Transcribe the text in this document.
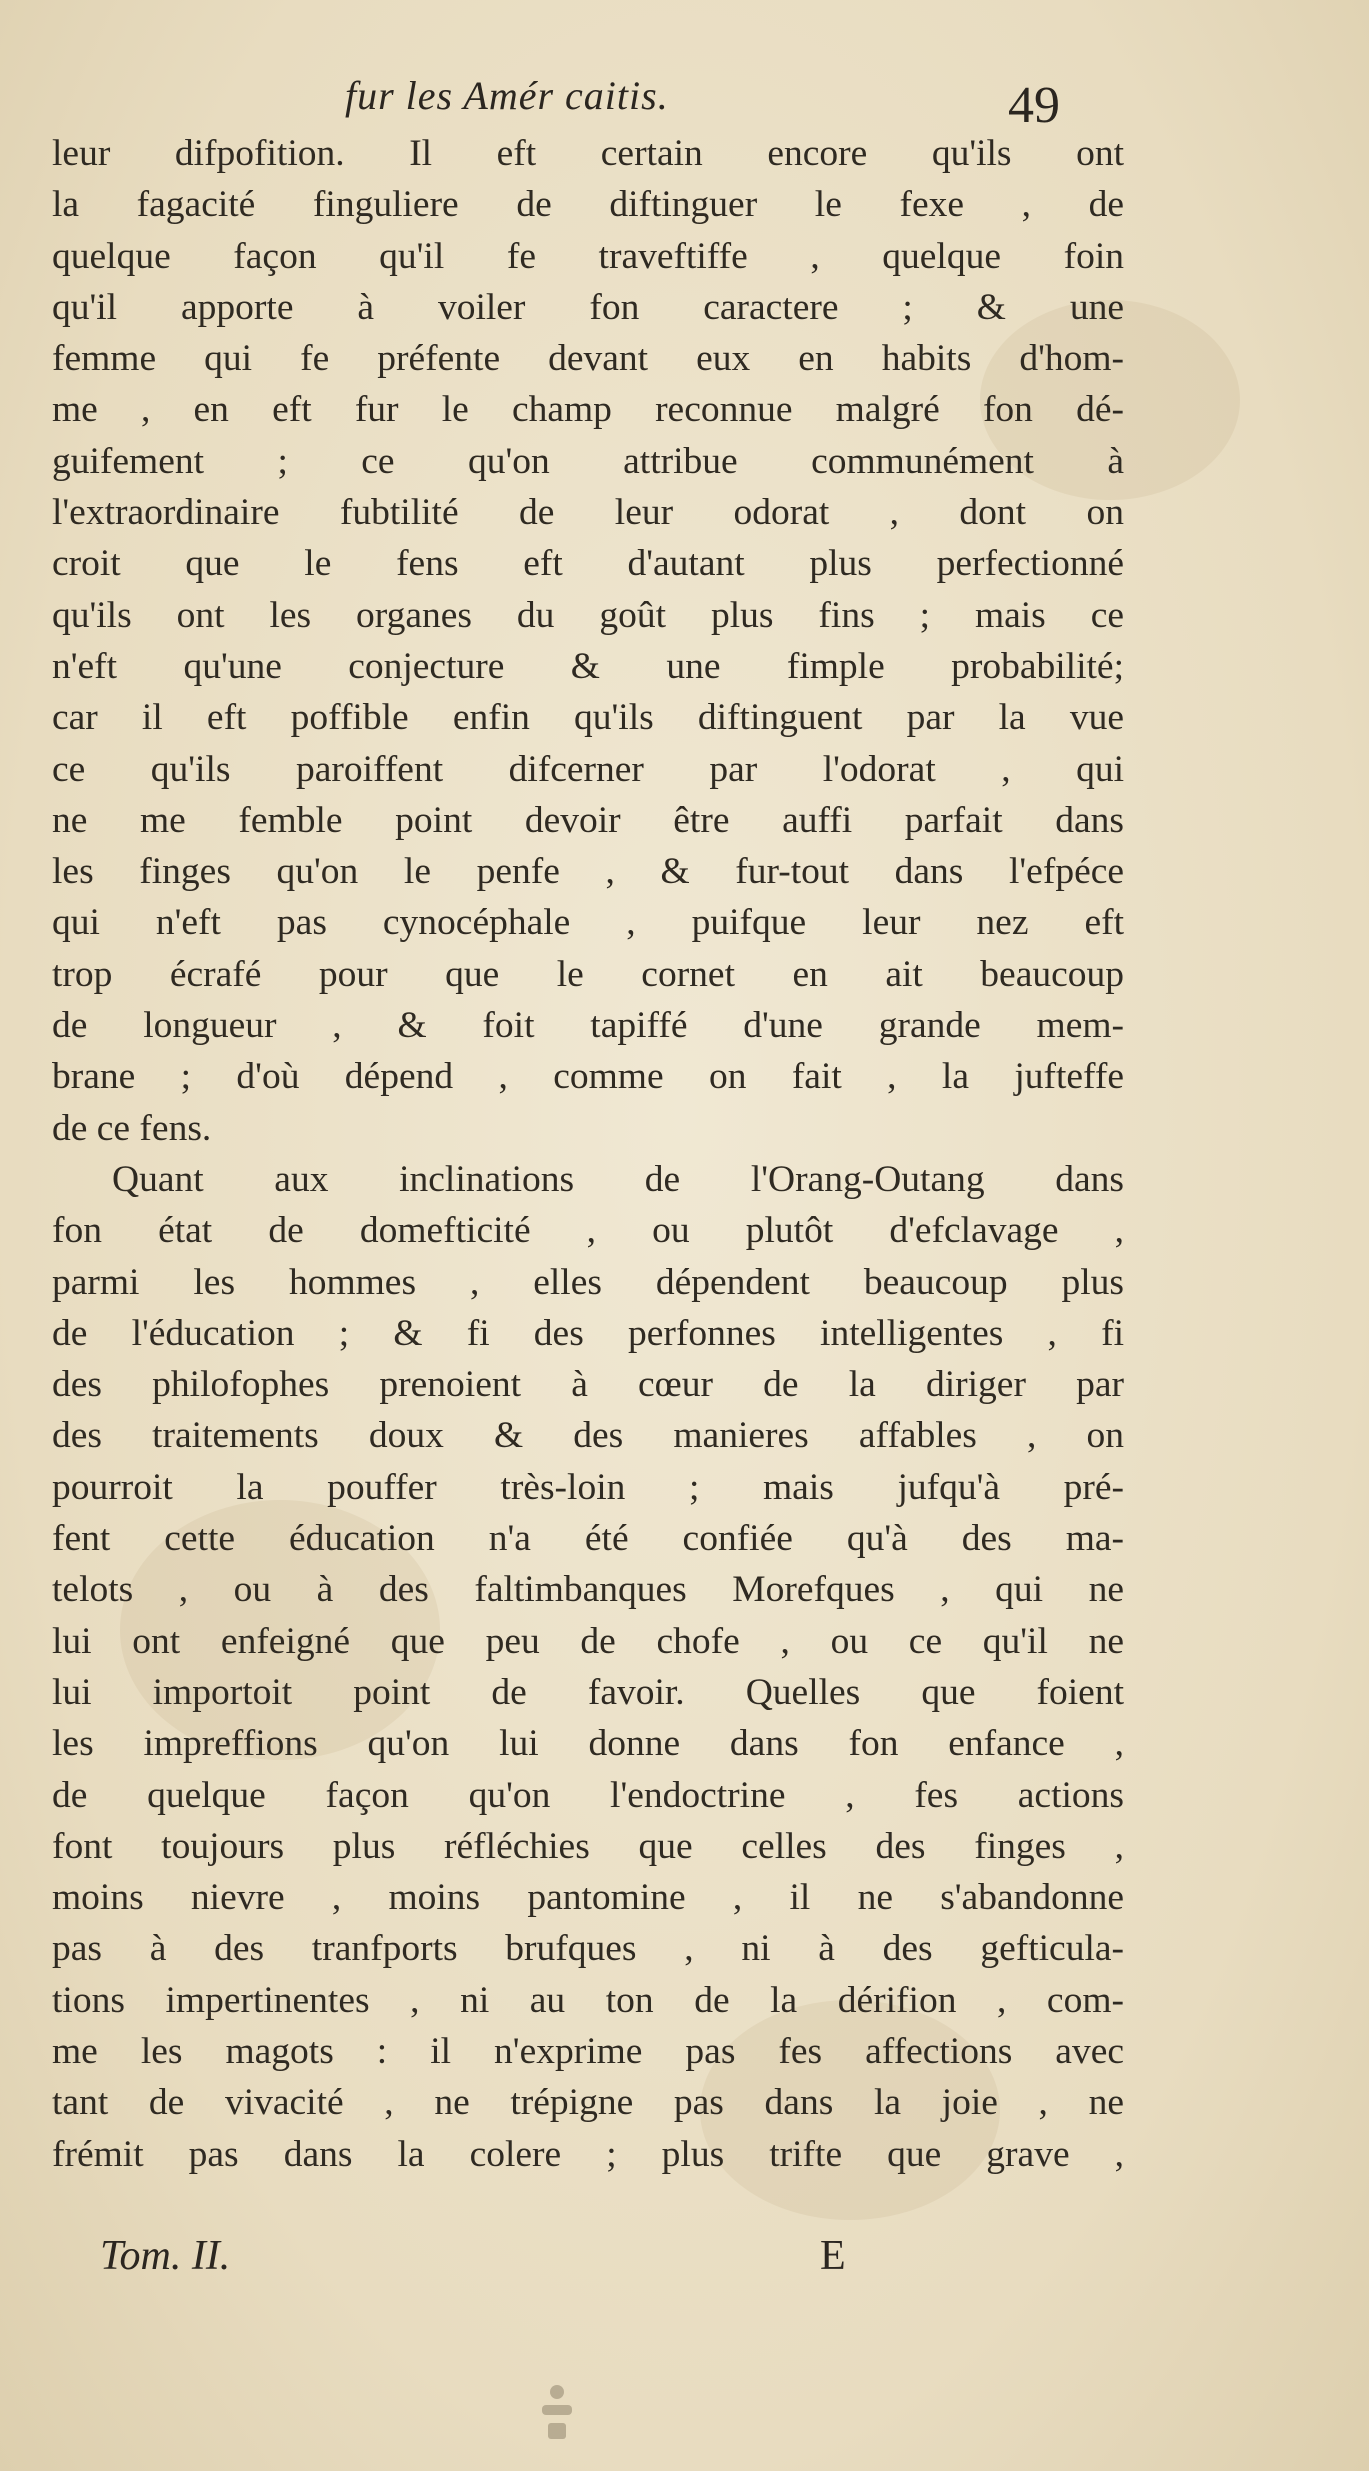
fur les Amér caitis.	49
leur difpofition. Il eft certain encore qu'ils ont
la fagacité finguliere de diftinguer le fexe , de
quelque façon qu'il fe traveftiffe , quelque foin
qu'il apporte à voiler fon caractere ; & une
femme qui fe préfente devant eux en habits d'hom-
me , en eft fur le champ reconnue malgré fon dé-
guifement ; ce qu'on attribue communément à
l'extraordinaire fubtilité de leur odorat , dont on
croit que le fens eft d'autant plus perfectionné
qu'ils ont les organes du goût plus fins ; mais ce
n'eft qu'une conjecture & une fimple probabilité;
car il eft poffible enfin qu'ils diftinguent par la vue
ce qu'ils paroiffent difcerner par l'odorat , qui
ne me femble point devoir être auffi parfait dans
les finges qu'on le penfe , & fur-tout dans l'efpéce
qui n'eft pas cynocéphale , puifque leur nez eft
trop écrafé pour que le cornet en ait beaucoup
de longueur , & foit tapiffé d'une grande mem-
brane ; d'où dépend , comme on fait , la jufteffe
de ce fens.
Quant aux inclinations de l'Orang-Outang dans
fon état de domefticité , ou plutôt d'efclavage ,
parmi les hommes , elles dépendent beaucoup plus
de l'éducation ; & fi des perfonnes intelligentes , fi
des philofophes prenoient à cœur de la diriger par
des traitements doux & des manieres affables , on
pourroit la pouffer très-loin ; mais jufqu'à pré-
fent cette éducation n'a été confiée qu'à des ma-
telots , ou à des faltimbanques Morefques , qui ne
lui ont enfeigné que peu de chofe , ou ce qu'il ne
lui importoit point de favoir. Quelles que foient
les impreffions qu'on lui donne dans fon enfance ,
de quelque façon qu'on l'endoctrine , fes actions
font toujours plus réfléchies que celles des finges ,
moins nievre , moins pantomine , il ne s'abandonne
pas à des tranfports brufques , ni à des gefticula-
tions impertinentes , ni au ton de la dérifion , com-
me les magots : il n'exprime pas fes affections avec
tant de vivacité , ne trépigne pas dans la joie , ne
frémit pas dans la colere ; plus trifte que grave ,
Tom. II.	E
